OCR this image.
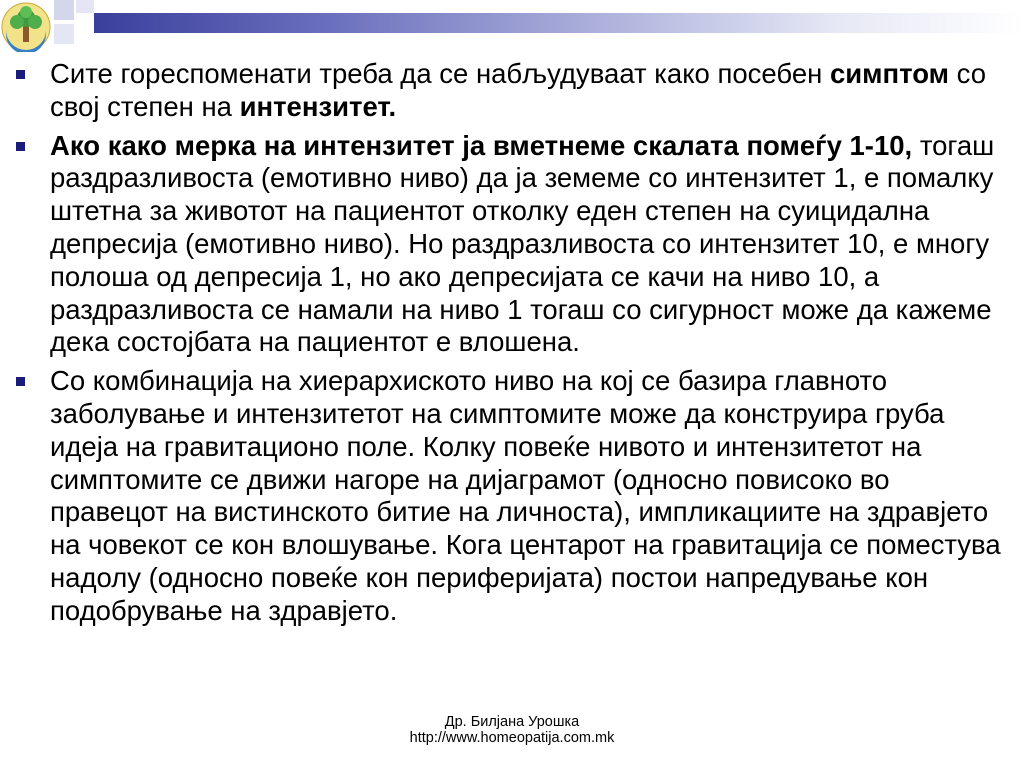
Сите гореспоменати треба да се набљудуваат како посебен симптом со свој степен на интензитет.
Ако како мерка на интензитет ја вметнеме скалата помеѓу 1-10, тогаш раздразливоста (емотивно ниво) да ја земеме со интензитет 1, е помалку штетна за животот на пациентот отколку еден степен на суицидална депресија (емотивно ниво). Но раздразливоста со интензитет 10, е многу полоша од депресија 1, но ако депресијата се качи на ниво 10, а раздразливоста се намали на ниво 1 тогаш со сигурност може да кажеме дека состојбата на пациентот е влошена.
Со комбинација на хиерархиското ниво на кој се базира главното заболување и интензитетот на симптомите може да конструира груба идеја на гравитационо поле. Колку повеќе нивото и интензитетот на симптомите се движи нагоре на дијаграмот (односно повисоко во правецот на вистинското битие на личноста), импликациите на здравјето на човекот се кон влошување. Кога центарот на гравитација се поместува надолу (односно повеќе кон периферијата) постои напредување кон подобрување на здравјето.
Др. Билјана Урошка
http://www.homeopatija.com.mk
